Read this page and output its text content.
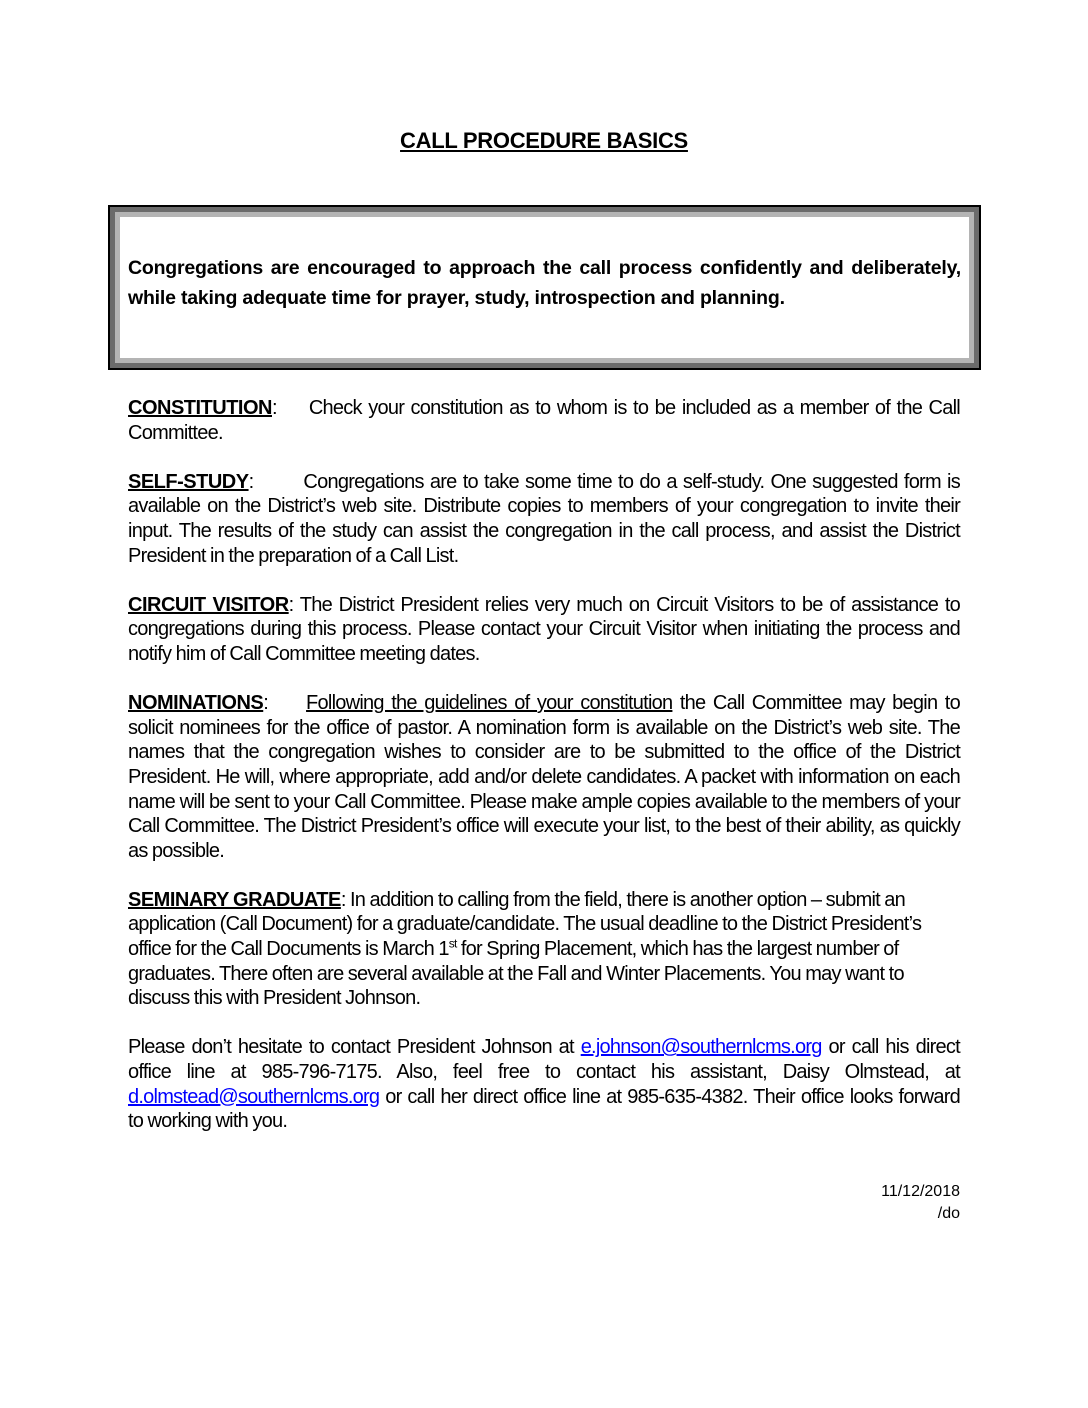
CALL PROCEDURE BASICS
Congregations are encouraged to approach the call process confidently and deliberately, while taking adequate time for prayer, study, introspection and planning.

CONSTITUTION: Check your constitution as to whom is to be included as a member of the Call Committee.

SELF-STUDY:	Congregations are to take some time to do a self-study. One suggested form is available on the District’s web site. Distribute copies to members of your congregation to invite their input. The results of the study can assist the congregation in the call process, and assist the District President in the preparation of a Call List.

CIRCUIT VISITOR: The District President relies very much on Circuit Visitors to be of assistance to congregations during this process. Please contact your Circuit Visitor when initiating the process and notify him of Call Committee meeting dates.

NOMINATIONS: Following the guidelines of your constitution the Call Committee may begin to solicit nominees for the office of pastor. A nomination form is available on the District’s web site. The names that the congregation wishes to consider are to be submitted to the office of the District President. He will, where appropriate, add and/or delete candidates. A packet with information on each name will be sent to your Call Committee. Please make ample copies available to the members of your Call Committee. The District President’s office will execute your list, to the best of their ability, as quickly as possible.

SEMINARY GRADUATE: In addition to calling from the field, there is another option – submit an application (Call Document) for a graduate/candidate. The usual deadline to the District President’s office for the Call Documents is March 1st for Spring Placement, which has the largest number of graduates. There often are several available at the Fall and Winter Placements. You may want to discuss this with President Johnson.

Please don’t hesitate to contact President Johnson at e.johnson@southernlcms.org or call his direct office line at 985-796-7175. Also, feel free to contact his assistant, Daisy Olmstead, at d.olmstead@southernlcms.org or call her direct office line at 985-635-4382. Their office looks forward to working with you.

11/12/2018
/do
